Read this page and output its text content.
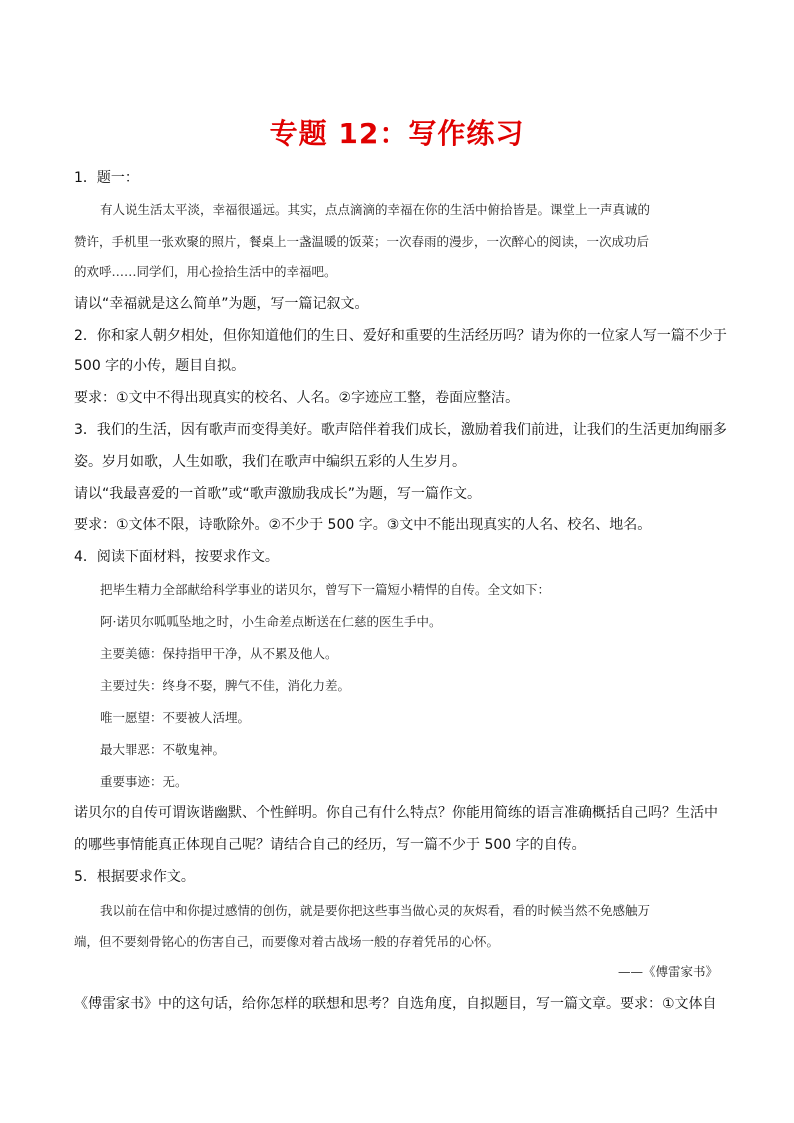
专题 12：写作练习
1．题一：
有人说生活太平淡，幸福很遥远。其实，点点滴滴的幸福在你的生活中俯拾皆是。课堂上一声真诚的
赞许，手机里一张欢聚的照片，餐桌上一盏温暖的饭菜；一次春雨的漫步，一次醉心的阅读，一次成功后
的欢呼……同学们，用心捡拾生活中的幸福吧。
请以“幸福就是这么简单”为题，写一篇记叙文。
2．你和家人朝夕相处，但你知道他们的生日、爱好和重要的生活经历吗？请为你的一位家人写一篇不少于
500 字的小传，题目自拟。
要求：①文中不得出现真实的校名、人名。②字迹应工整，卷面应整洁。
3．我们的生活，因有歌声而变得美好。歌声陪伴着我们成长，激励着我们前进，让我们的生活更加绚丽多
姿。岁月如歌，人生如歌，我们在歌声中编织五彩的人生岁月。
请以“我最喜爱的一首歌”或“歌声激励我成长”为题，写一篇作文。
要求：①文体不限，诗歌除外。②不少于 500 字。③文中不能出现真实的人名、校名、地名。
4．阅读下面材料，按要求作文。
把毕生精力全部献给科学事业的诺贝尔，曾写下一篇短小精悍的自传。全文如下：
阿·诺贝尔呱呱坠地之时，小生命差点断送在仁慈的医生手中。
主要美德：保持指甲干净，从不累及他人。
主要过失：终身不娶，脾气不佳，消化力差。
唯一愿望：不要被人活埋。
最大罪恶：不敬鬼神。
重要事迹：无。
诺贝尔的自传可谓诙谐幽默、个性鲜明。你自己有什么特点？你能用简练的语言准确概括自己吗？生活中
的哪些事情能真正体现自己呢？请结合自己的经历，写一篇不少于 500 字的自传。
5．根据要求作文。
我以前在信中和你提过感情的创伤，就是要你把这些事当做心灵的灰烬看，看的时候当然不免感触万
端，但不要刻骨铭心的伤害自己，而要像对着古战场一般的存着凭吊的心怀。
——《傅雷家书》
《傅雷家书》中的这句话，给你怎样的联想和思考？自选角度，自拟题目，写一篇文章。要求：①文体自
